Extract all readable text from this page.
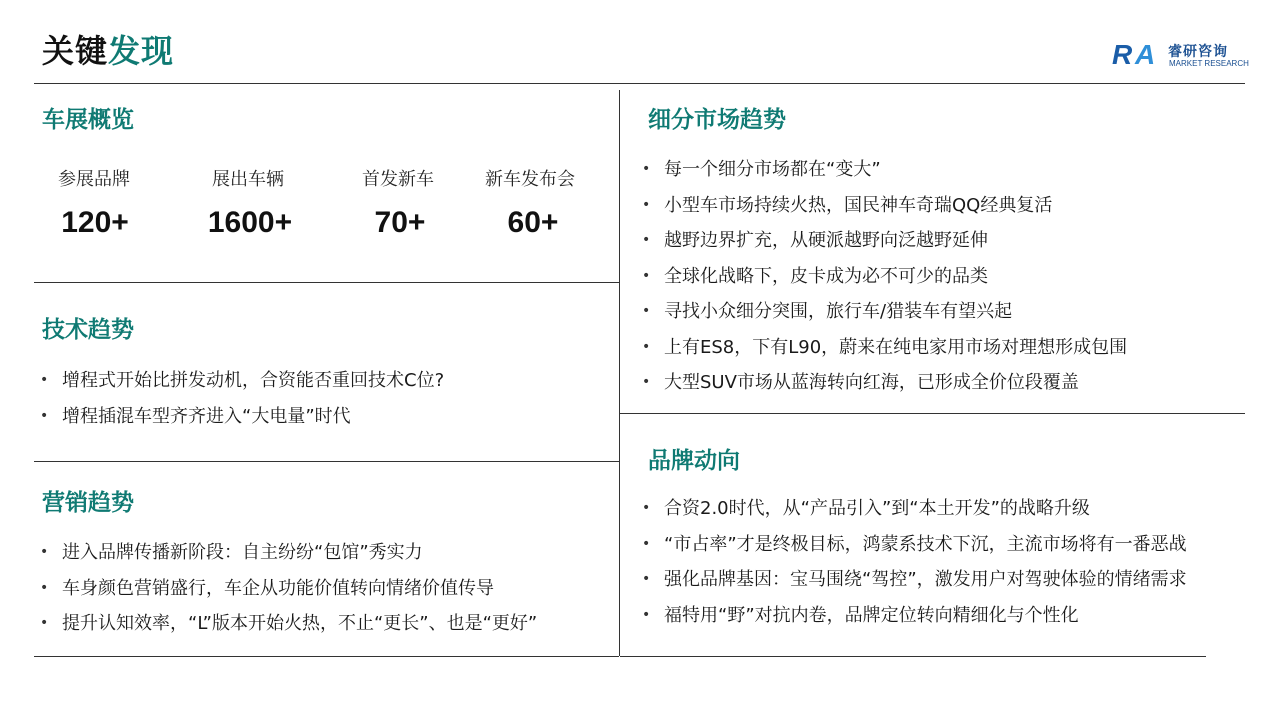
关键发现	R A 睿研咨询
MARKET RESEARCH
车展概览
参展品牌	展出车辆	首发新车	新车发布会
120+	1600+	70+	60+
技术趋势
• 增程式开始比拼发动机，合资能否重回技术C位?
• 增程插混车型齐齐进入“大电量”时代
营销趋势
• 进入品牌传播新阶段：自主纷纷“包馆”秀实力
• 车身颜色营销盛行，车企从功能价值转向情绪价值传导
• 提升认知效率，“L”版本开始火热，不止“更长”、也是“更好”
细分市场趋势
• 每一个细分市场都在“变大”
• 小型车市场持续火热，国民神车奇瑞QQ经典复活
• 越野边界扩充，从硬派越野向泛越野延伸
• 全球化战略下，皮卡成为必不可少的品类
• 寻找小众细分突围，旅行车/猎装车有望兴起
• 上有ES8，下有L90，蔚来在纯电家用市场对理想形成包围
• 大型SUV市场从蓝海转向红海，已形成全价位段覆盖
品牌动向
• 合资2.0时代，从“产品引入”到“本土开发”的战略升级
• “市占率”才是终极目标，鸿蒙系技术下沉，主流市场将有一番恶战
• 强化品牌基因：宝马围绕“驾控”，激发用户对驾驶体验的情绪需求
• 福特用“野”对抗内卷，品牌定位转向精细化与个性化
